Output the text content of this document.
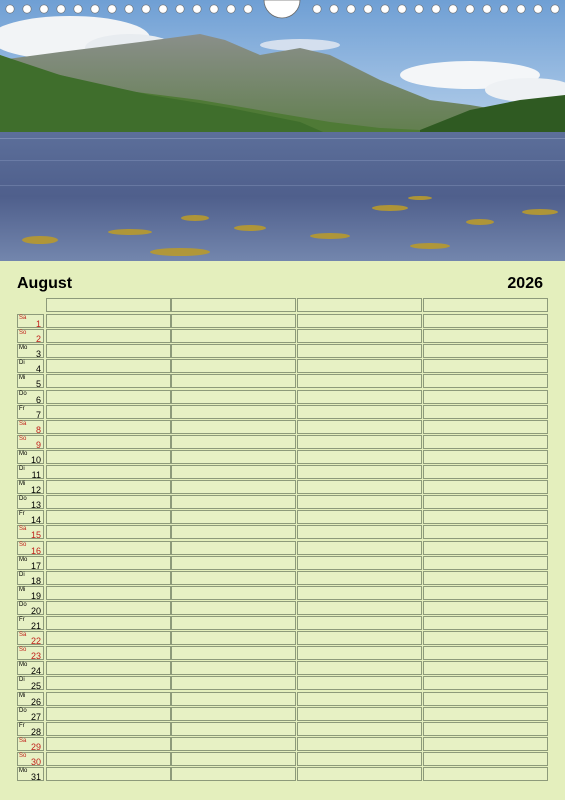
August	2026
Sa
1
So
2
Mo
3
Di
4
Mi
5
Do
6
Fr
7
Sa
8
So
9
Mo
10
Di
11
Mi
12
Do
13
Fr
14
Sa
15
So
16
Mo
17
Di
18
Mi
19
Do
20
Fr
21
Sa
22
So
23
Mo
24
Di
25
Mi
26
Do
27
Fr
28
Sa
29
So
30
Mo
31
